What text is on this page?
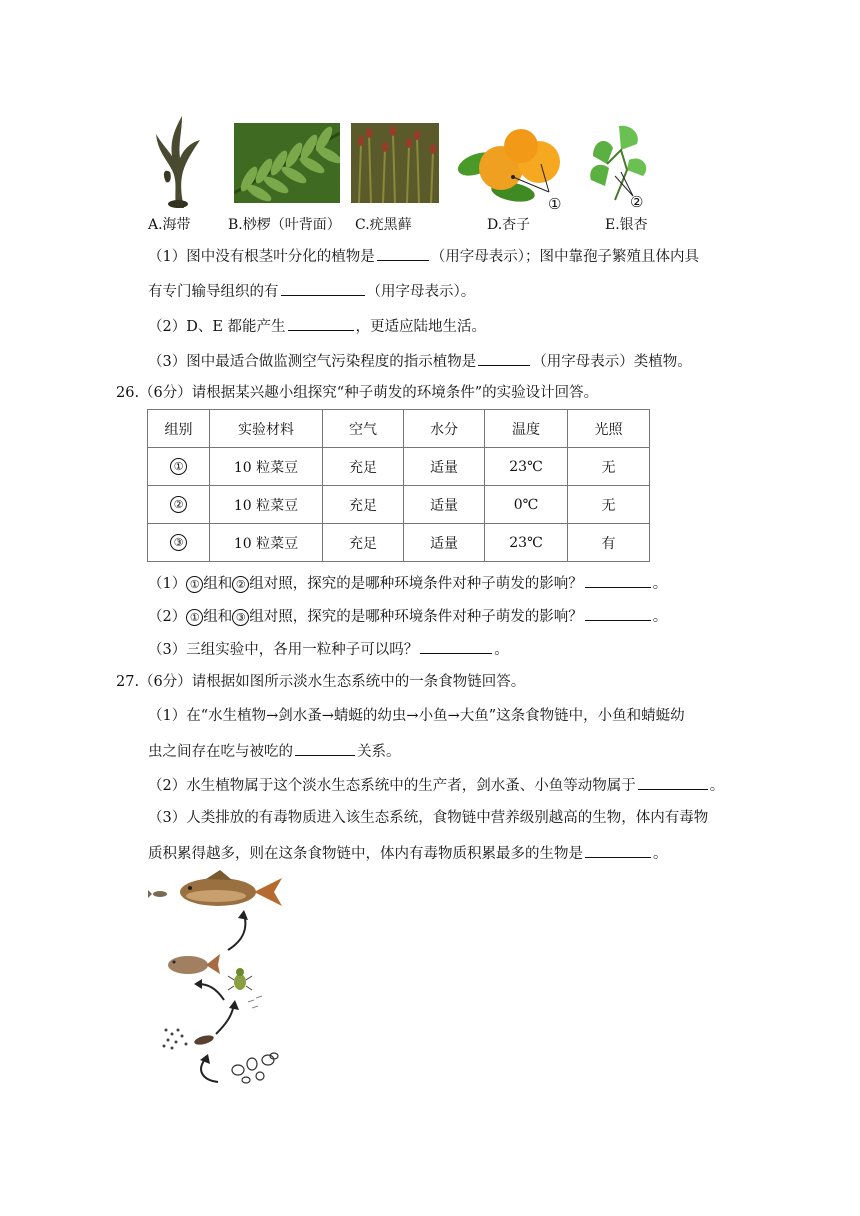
①	②
A.海带	B.桫椤（叶背面） C.疣黑藓	D.杏子	E.银杏
（1）图中没有根茎叶分化的植物是	（用字母表示）；图中靠孢子繁殖且体内具
有专门输导组织的有	（用字母表示）。
（2）D、E 都能产生	，更适应陆地生活。
（3）图中最适合做监测空气污染程度的指示植物是	（用字母表示）类植物。
26.（6分）请根据某兴趣小组探究“种子萌发的环境条件”的实验设计回答。
组别	实验材料	空气	水分	温度	光照
①	10 粒菜豆	充足	适量	23℃	无
②	10 粒菜豆	充足	适量	0℃	无
③	10 粒菜豆	充足	适量	23℃	有
（1） ① 组和 ② 组对照，探究的是哪种环境条件对种子萌发的影响？	。
（2） ① 组和 ③ 组对照，探究的是哪种环境条件对种子萌发的影响？	。
（3）三组实验中，各用一粒种子可以吗？	。
27.（6分）请根据如图所示淡水生态系统中的一条食物链回答。
（1）在“水生植物→剑水蚤→蜻蜓的幼虫→小鱼→大鱼”这条食物链中，小鱼和蜻蜓幼
虫之间存在吃与被吃的	关系。
（2）水生植物属于这个淡水生态系统中的生产者，剑水蚤、小鱼等动物属于	。
（3）人类排放的有毒物质进入该生态系统，食物链中营养级别越高的生物，体内有毒物
质积累得越多，则在这条食物链中，体内有毒物质积累最多的生物是	。
